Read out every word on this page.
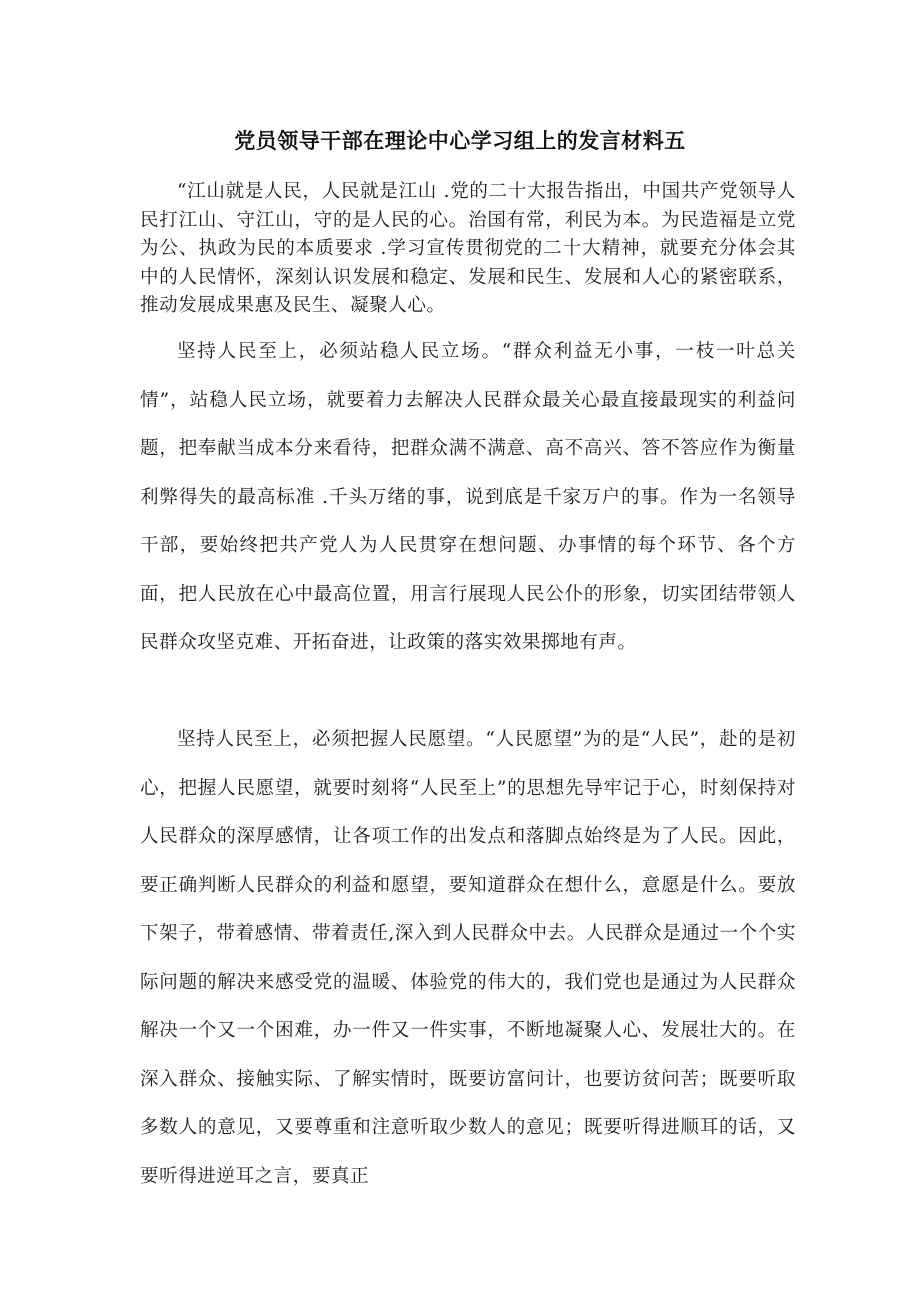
党员领导干部在理论中心学习组上的发言材料五

“江山就是人民，人民就是江山 .党的二十大报告指出，中国共产党领导人民打江山、守江山，守的是人民的心。治国有常，利民为本。为民造福是立党为公、执政为民的本质要求 .学习宣传贯彻党的二十大精神，就要充分体会其中的人民情怀，深刻认识发展和稳定、发展和民生、发展和人心的紧密联系，推动发展成果惠及民生、凝聚人心。

坚持人民至上，必须站稳人民立场。“群众利益无小事，一枝一叶总关情”，站稳人民立场，就要着力去解决人民群众最关心最直接最现实的利益问题，把奉献当成本分来看待，把群众满不满意、高不高兴、答不答应作为衡量利弊得失的最高标准 .千头万绪的事，说到底是千家万户的事。作为一名领导干部，要始终把共产党人为人民贯穿在想问题、办事情的每个环节、各个方面，把人民放在心中最高位置，用言行展现人民公仆的形象，切实团结带领人民群众攻坚克难、开拓奋进，让政策的落实效果掷地有声。

坚持人民至上，必须把握人民愿望。“人民愿望”为的是“人民”，赴的是初心，把握人民愿望，就要时刻将“人民至上”的思想先导牢记于心，时刻保持对人民群众的深厚感情，让各项工作的出发点和落脚点始终是为了人民。因此，要正确判断人民群众的利益和愿望，要知道群众在想什么，意愿是什么。要放下架子，带着感情、带着责任,深入到人民群众中去。人民群众是通过一个个实际问题的解决来感受党的温暖、体验党的伟大的，我们党也是通过为人民群众解决一个又一个困难，办一件又一件实事，不断地凝聚人心、发展壮大的。在深入群众、接触实际、了解实情时，既要访富问计，也要访贫问苦；既要听取多数人的意见，又要尊重和注意听取少数人的意见；既要听得进顺耳的话，又要听得进逆耳之言，要真正
